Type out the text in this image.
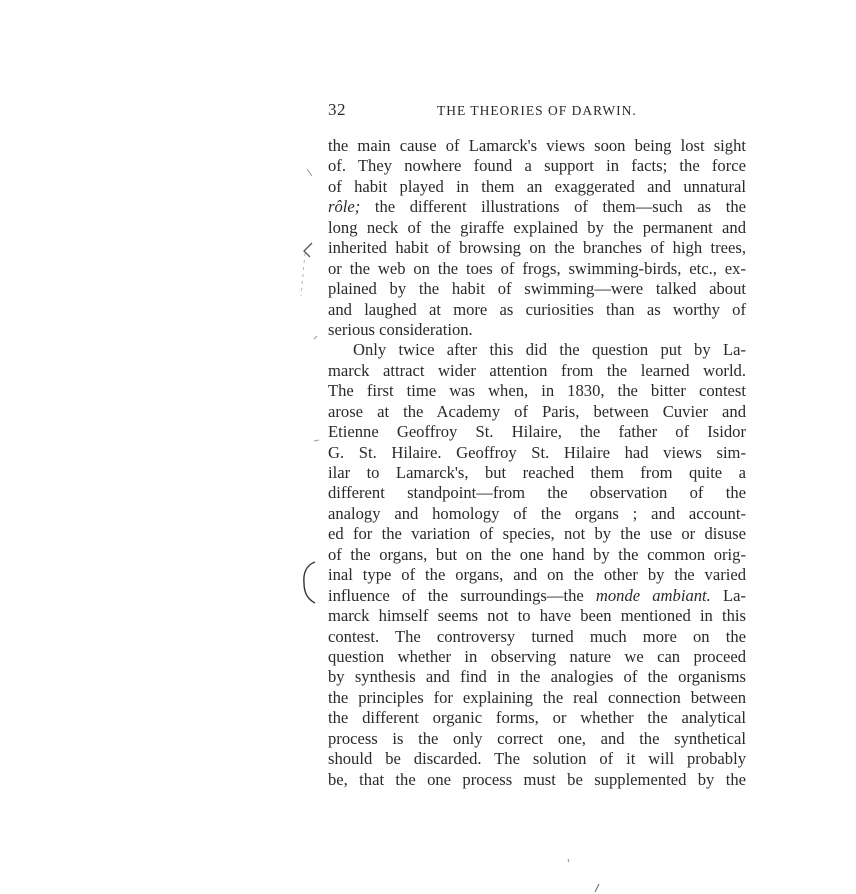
32	THE THEORIES OF DARWIN.
the main cause of Lamarck's views soon being lost sight
of. They nowhere found a support in facts; the force
of habit played in them an exaggerated and unnatural
rôle; the different illustrations of them—such as the
long neck of the giraffe explained by the permanent and
inherited habit of browsing on the branches of high trees,
or the web on the toes of frogs, swimming-birds, etc., ex-
plained by the habit of swimming—were talked about
and laughed at more as curiosities than as worthy of
serious consideration.
Only twice after this did the question put by La-
marck attract wider attention from the learned world.
The first time was when, in 1830, the bitter contest
arose at the Academy of Paris, between Cuvier and
Etienne Geoffroy St. Hilaire, the father of Isidor
G. St. Hilaire. Geoffroy St. Hilaire had views sim-
ilar to Lamarck's, but reached them from quite a
different standpoint—from the observation of the
analogy and homology of the organs ; and account-
ed for the variation of species, not by the use or disuse
of the organs, but on the one hand by the common orig-
inal type of the organs, and on the other by the varied
influence of the surroundings—the monde ambiant. La-
marck himself seems not to have been mentioned in this
contest. The controversy turned much more on the
question whether in observing nature we can proceed
by synthesis and find in the analogies of the organisms
the principles for explaining the real connection between
the different organic forms, or whether the analytical
process is the only correct one, and the synthetical
should be discarded. The solution of it will probably
be, that the one process must be supplemented by the
